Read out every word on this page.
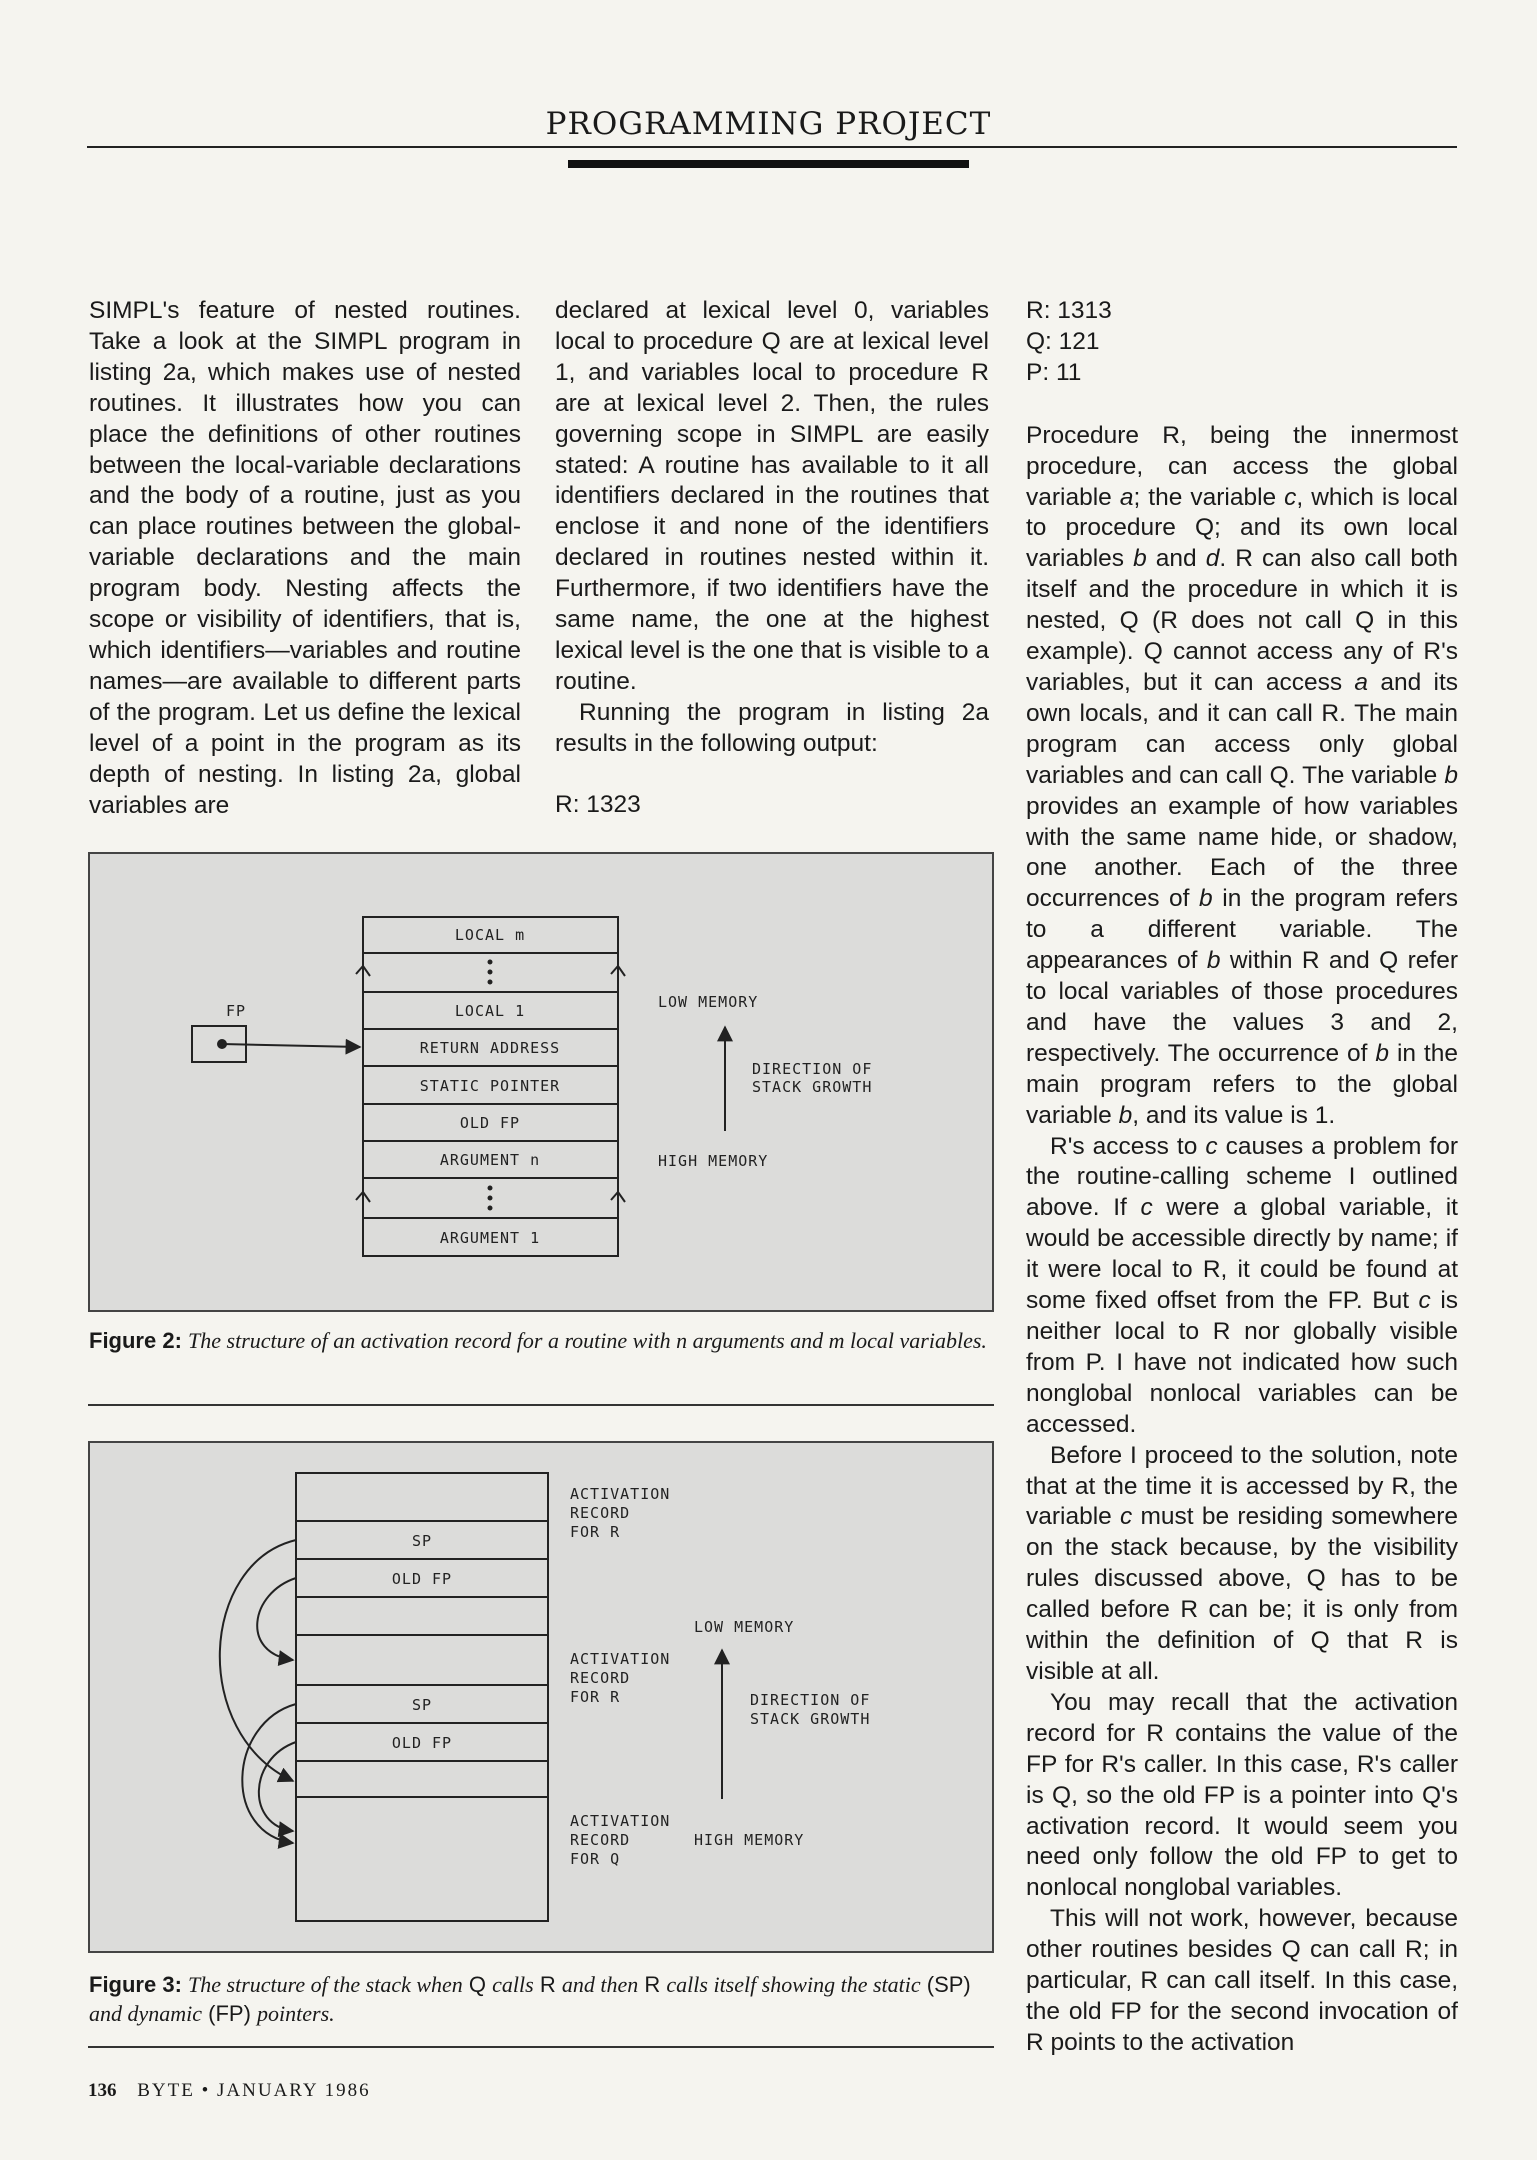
PROGRAMMING PROJECT

SIMPL's feature of nested routines. Take a look at the SIMPL program in listing 2a, which makes use of nested routines. It illustrates how you can place the definitions of other routines between the local-variable declarations and the body of a routine, just as you can place routines between the global-variable declarations and the main program body. Nesting affects the scope or visibility of identifiers, that is, which identifiers—variables and routine names—are available to different parts of the program. Let us define the lexical level of a point in the program as its depth of nesting. In listing 2a, global variables are

declared at lexical level 0, variables local to procedure Q are at lexical level 1, and variables local to procedure R are at lexical level 2. Then, the rules governing scope in SIMPL are easily stated: A routine has available to it all identifiers declared in the routines that enclose it and none of the identifiers declared in routines nested within it. Furthermore, if two identifiers have the same name, the one at the highest lexical level is the one that is visible to a routine.

Running the program in listing 2a results in the following output:

R: 1323

R: 1313
Q: 121
P: 11

Procedure R, being the innermost procedure, can access the global variable a; the variable c, which is local to procedure Q; and its own local variables b and d. R can also call both itself and the procedure in which it is nested, Q (R does not call Q in this example). Q cannot access any of R's variables, but it can access a and its own locals, and it can call R. The main program can access only global variables and can call Q. The variable b provides an example of how variables with the same name hide, or shadow, one another. Each of the three occurrences of b in the program refers to a different variable. The appearances of b within R and Q refer to local variables of those procedures and have the values 3 and 2, respectively. The occurrence of b in the main program refers to the global variable b, and its value is 1.

R's access to c causes a problem for the routine-calling scheme I outlined above. If c were a global variable, it would be accessible directly by name; if it were local to R, it could be found at some fixed offset from the FP. But c is neither local to R nor globally visible from P. I have not indicated how such nonglobal nonlocal variables can be accessed.

Before I proceed to the solution, note that at the time it is accessed by R, the variable c must be residing somewhere on the stack because, by the visibility rules discussed above, Q has to be called before R can be; it is only from within the definition of Q that R is visible at all.

You may recall that the activation record for R contains the value of the FP for R's caller. In this case, R's caller is Q, so the old FP is a pointer into Q's activation record. It would seem you need only follow the old FP to get to nonlocal nonglobal variables.

This will not work, however, because other routines besides Q can call R; in particular, R can call itself. In this case, the old FP for the second invocation of R points to the activation

LOCAL m
LOCAL 1
RETURN ADDRESS
STATIC POINTER
OLD FP
ARGUMENT n
ARGUMENT 1
FP	LOW MEMORY
DIRECTION OF
STACK GROWTH
HIGH MEMORY
Figure 2: The structure of an activation record for a routine with n arguments and m local variables.
SP
OLD FP
SP
OLD FP
ACTIVATION
RECORD
FOR R
ACTIVATION
RECORD
FOR R
ACTIVATION
RECORD
FOR Q
LOW MEMORY
DIRECTION OF
STACK GROWTH
HIGH MEMORY
Figure 3: The structure of the stack when Q calls R and then R calls itself showing the static (SP) and dynamic (FP) pointers.
136 BYTE • JANUARY 1986
